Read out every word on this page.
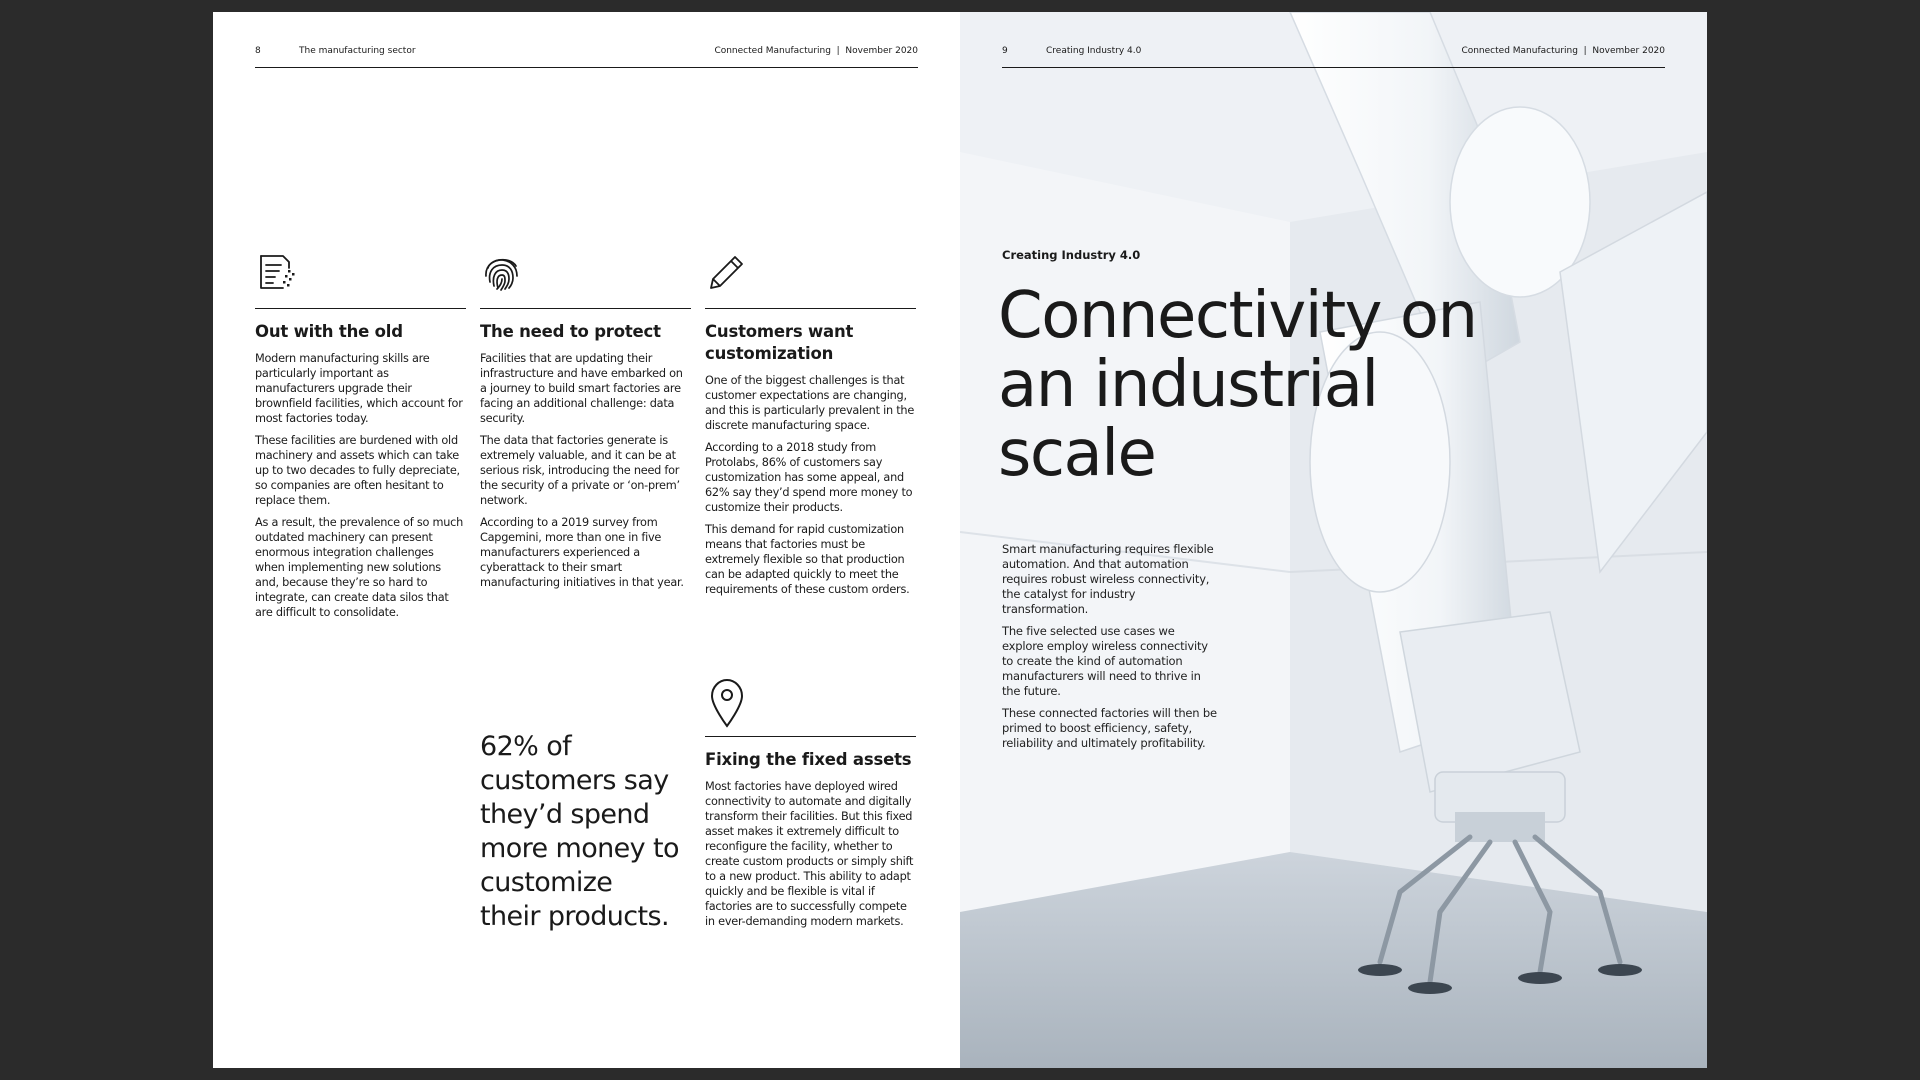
8	The manufacturing sector	Connected Manufacturing  |  November 2020
Out with the old

Modern manufacturing skills are particularly important as manufacturers upgrade their brownfield facilities, which account for most factories today.

These facilities are burdened with old machinery and assets which can take up to two decades to fully depreciate, so companies are often hesitant to replace them.

As a result, the prevalence of so much outdated machinery can present enormous integration challenges when implementing new solutions and, because they’re so hard to integrate, can create data silos that are difficult to consolidate.

The need to protect

Facilities that are updating their infrastructure and have embarked on a journey to build smart factories are facing an additional challenge: data security.

The data that factories generate is extremely valuable, and it can be at serious risk, introducing the need for the security of a private or ‘on-prem’ network.

According to a 2019 survey from Capgemini, more than one in five manufacturers experienced a cyberattack to their smart manufacturing initiatives in that year.

Customers want customization

One of the biggest challenges is that customer expectations are changing, and this is particularly prevalent in the discrete manufacturing space.

According to a 2018 study from Protolabs, 86% of customers say customization has some appeal, and 62% say they’d spend more money to customize their products.

This demand for rapid customization means that factories must be extremely flexible so that production can be adapted quickly to meet the requirements of these custom orders.

Fixing the fixed assets

Most factories have deployed wired connectivity to automate and digitally transform their facilities. But this fixed asset makes it extremely difficult to reconfigure the facility, whether to create custom products or simply shift to a new product. This ability to adapt quickly and be flexible is vital if factories are to successfully compete in ever-demanding modern markets.

62% of customers say they’d spend more money to customize their products.
9	Creating Industry 4.0	Connected Manufacturing  |  November 2020
Creating Industry 4.0
Connectivity on an industrial scale

Smart manufacturing requires flexible automation. And that automation requires robust wireless connectivity, the catalyst for industry transformation.

The five selected use cases we explore employ wireless connectivity to create the kind of automation manufacturers will need to thrive in the future.

These connected factories will then be primed to boost efficiency, safety, reliability and ultimately profitability.
